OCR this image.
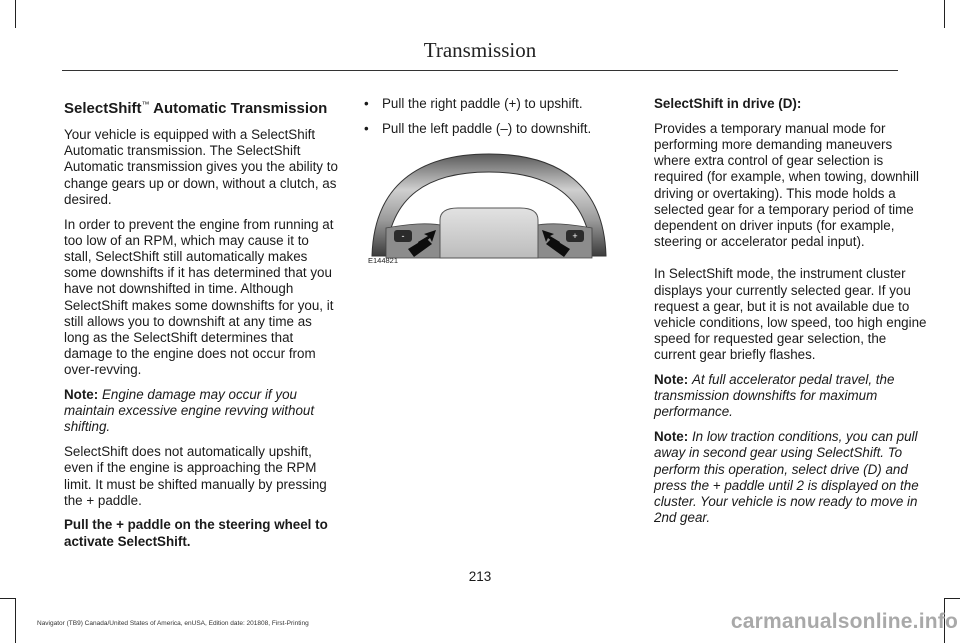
Transmission
SelectShift™ Automatic Transmission

Your vehicle is equipped with a SelectShift Automatic transmission. The SelectShift Automatic transmission gives you the ability to change gears up or down, without a clutch, as desired.

In order to prevent the engine from running at too low of an RPM, which may cause it to stall, SelectShift still automatically makes some downshifts if it has determined that you have not downshifted in time. Although SelectShift makes some downshifts for you, it still allows you to downshift at any time as long as the SelectShift determines that damage to the engine does not occur from over-revving.

Note: Engine damage may occur if you maintain excessive engine revving without shifting.

SelectShift does not automatically upshift, even if the engine is approaching the RPM limit. It must be shifted manually by pressing the + paddle.

Pull the + paddle on the steering wheel to activate SelectShift.

• Pull the right paddle (+) to upshift.
• Pull the left paddle (–) to downshift.
-	+
E144821

SelectShift in drive (D):

Provides a temporary manual mode for performing more demanding maneuvers where extra control of gear selection is required (for example, when towing, downhill driving or overtaking). This mode holds a selected gear for a temporary period of time dependent on driver inputs (for example, steering or accelerator pedal input).

In SelectShift mode, the instrument cluster displays your currently selected gear. If you request a gear, but it is not available due to vehicle conditions, low speed, too high engine speed for requested gear selection, the current gear briefly flashes.

Note: At full accelerator pedal travel, the transmission downshifts for maximum performance.

Note: In low traction conditions, you can pull away in second gear using SelectShift. To perform this operation, select drive (D) and press the + paddle until 2 is displayed on the cluster. Your vehicle is now ready to move in 2nd gear.

213
Navigator (TB9) Canada/United States of America, enUSA, Edition date: 201808, First-Printing	carmanualsonline.info
